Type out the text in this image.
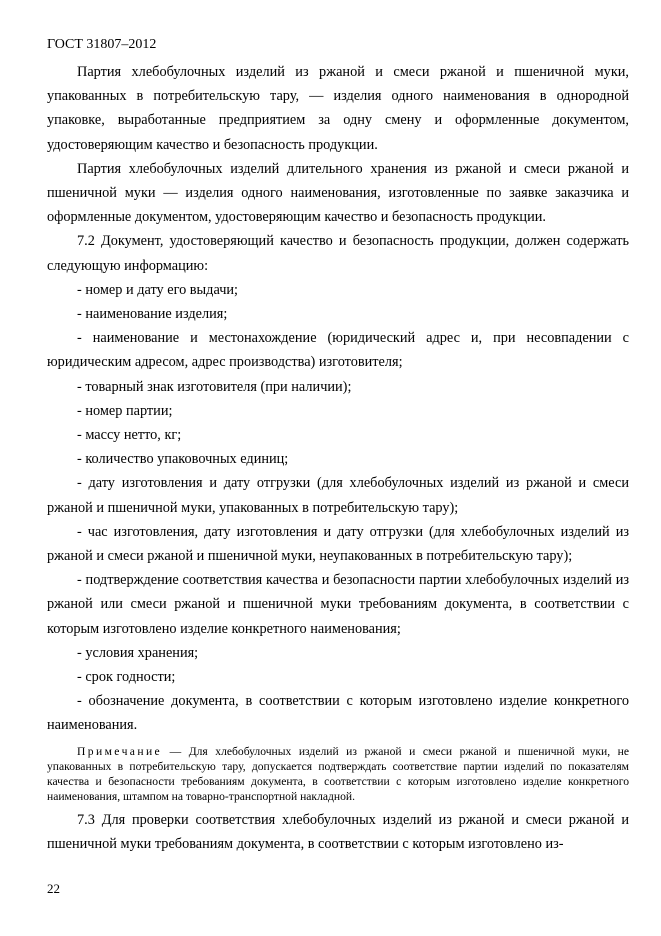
ГОСТ 31807–2012

Партия хлебобулочных изделий из ржаной и смеси ржаной и пшеничной муки, упакованных в потребительскую тару, — изделия одного наименования в однородной упаковке, выработанные предприятием за одну смену и оформленные документом, удостоверяющим качество и безопасность продукции.

Партия хлебобулочных изделий длительного хранения из ржаной и смеси ржаной и пшеничной муки — изделия одного наименования, изготовленные по заявке заказчика и оформленные документом, удостоверяющим качество и безопасность продукции.

7.2 Документ, удостоверяющий качество и безопасность продукции, должен содержать следующую информацию:

- номер и дату его выдачи;

- наименование изделия;

- наименование и местонахождение (юридический адрес и, при несовпадении с юридическим адресом, адрес производства) изготовителя;

- товарный знак изготовителя (при наличии);

- номер партии;

- массу нетто, кг;

- количество упаковочных единиц;

- дату изготовления и дату отгрузки (для хлебобулочных изделий из ржаной и смеси ржаной и пшеничной муки, упакованных в потребительскую тару);

- час изготовления, дату изготовления и дату отгрузки (для хлебобулочных изделий из ржаной и смеси ржаной и пшеничной муки, неупакованных в потребительскую тару);

- подтверждение соответствия качества и безопасности партии хлебобулочных изделий из ржаной или смеси ржаной и пшеничной муки требованиям документа, в соответствии с которым изготовлено изделие конкретного наименования;

- условия хранения;

- срок годности;

- обозначение документа, в соответствии с которым изготовлено изделие конкретного наименования.

Примечание — Для хлебобулочных изделий из ржаной и смеси ржаной и пшеничной муки, не упакованных в потребительскую тару, допускается подтверждать соответствие партии изделий по показателям качества и безопасности требованиям документа, в соответствии с которым изготовлено изделие конкретного наименования, штампом на товарно-транспортной накладной.

7.3 Для проверки соответствия хлебобулочных изделий из ржаной и смеси ржаной и пшеничной муки требованиям документа, в соответствии с которым изготовлено из-

22
